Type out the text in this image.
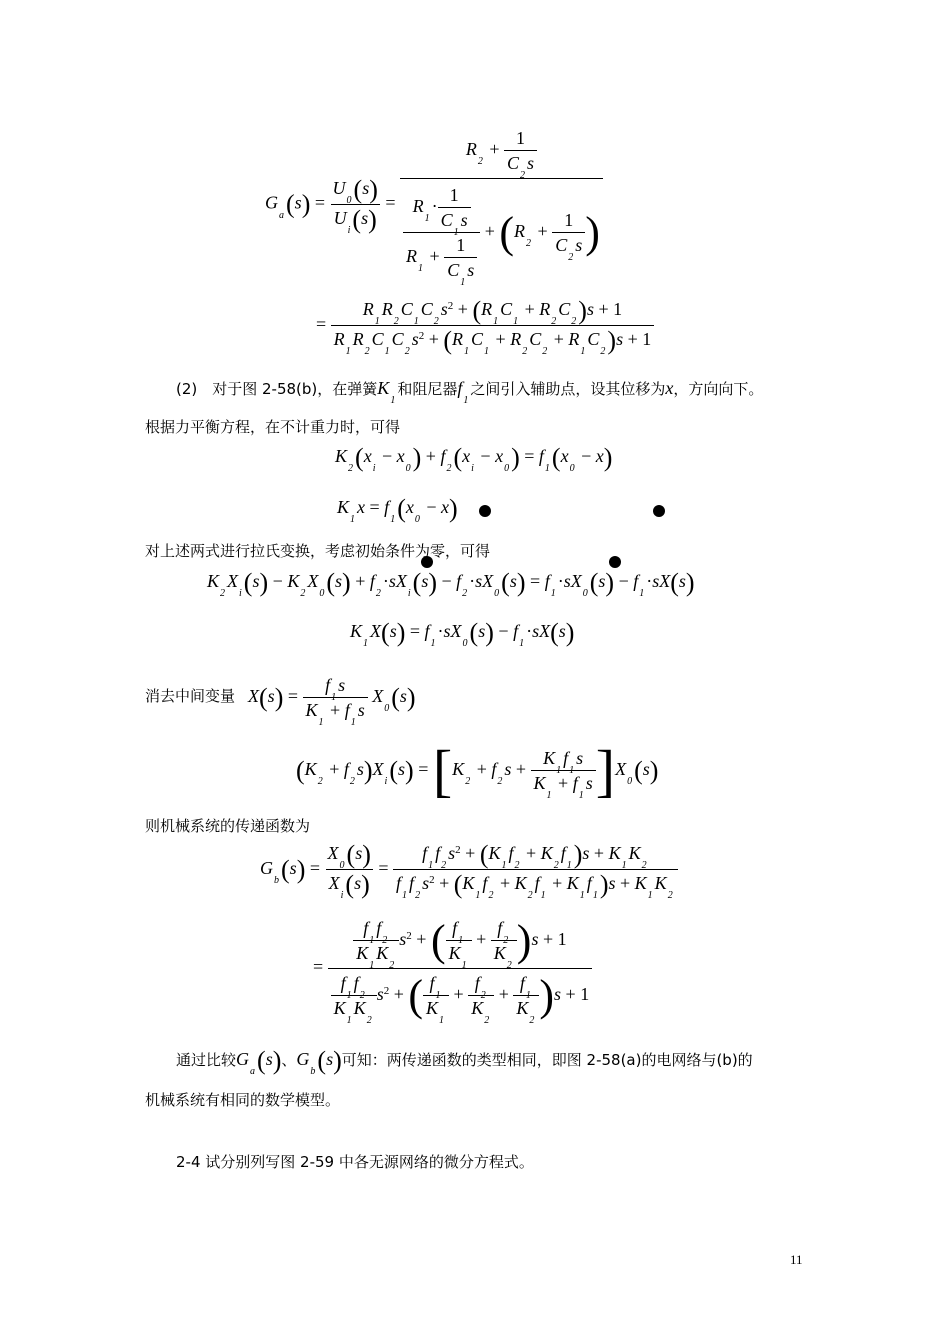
$G_a(s) = \frac{U_0(s)}{U_i(s)} = \frac{R_2 + \frac{1}{C_2s}}{\frac{R_1\cdot \frac{1}{C_1s}}{R_1 + \frac{1}{C_1s}} + (R_2 + \frac{1}{C_2s} )}$
= $\frac{R_1R_2C_1C_2s^2 + (R_1C_1 + R_2C_2)s + 1}{R_1R_2C_1C_2s^2 + (R_1C_1 + R_2C_2 + R_1C_2)s + 1}$
(2)　对于图 2-58(b)，在弹簧$K_1$和阻尼器$f_1$之间引入辅助点，设其位移为x，方向向下。
根据力平衡方程，在不计重力时，可得
$K_2(x_i - x_0) + f_2(x_i - x_0) = f_1(x_0 - x)$
$K_1x = f_1(x_0 - x)$
对上述两式进行拉氏变换，考虑初始条件为零，可得
$K_2X_i(s) - K_2X_0(s) + f_2\cdot sX_i(s) - f_2\cdot sX_0(s) = f_1\cdot sX_0(s) - f_1\cdot sX(s)$
$K_1X(s) = f_1\cdot sX_0(s) - f_1\cdot sX(s)$
消去中间变量 $X(s) = \frac{f_1s}{K_1 + f_1s} X_0(s)$
$(K_2 + f_2s)X_i(s) = [K_2 + f_2s + \frac{K_1f_1s}{K_1 + f_1s} ]X_0(s)$
则机械系统的传递函数为
$G_b(s) = \frac{X_0(s)}{X_i(s)} = \frac{f_1f_2s^2 + (K_1f_2 + K_2f_1)s + K_1K_2}{f_1f_2s^2 + (K_1f_2 + K_2f_1 + K_1f_1)s + K_1K_2}$
= $\frac{\frac{f_1f_2}{K_1K_2} s^2 + ( \frac{f_1}{K_1} + \frac{f_2}{K_2} )s + 1}{\frac{f_1f_2}{K_1K_2} s^2 + ( \frac{f_1}{K_1} + \frac{f_2}{K_2} + \frac{f_1}{K_2} )s + 1}$
通过比较$G_a(s)$、$G_b(s)$可知：两传递函数的类型相同，即图 2-58(a)的电网络与(b)的
机械系统有相同的数学模型。
2-4 试分别列写图 2-59 中各无源网络的微分方程式。
11
